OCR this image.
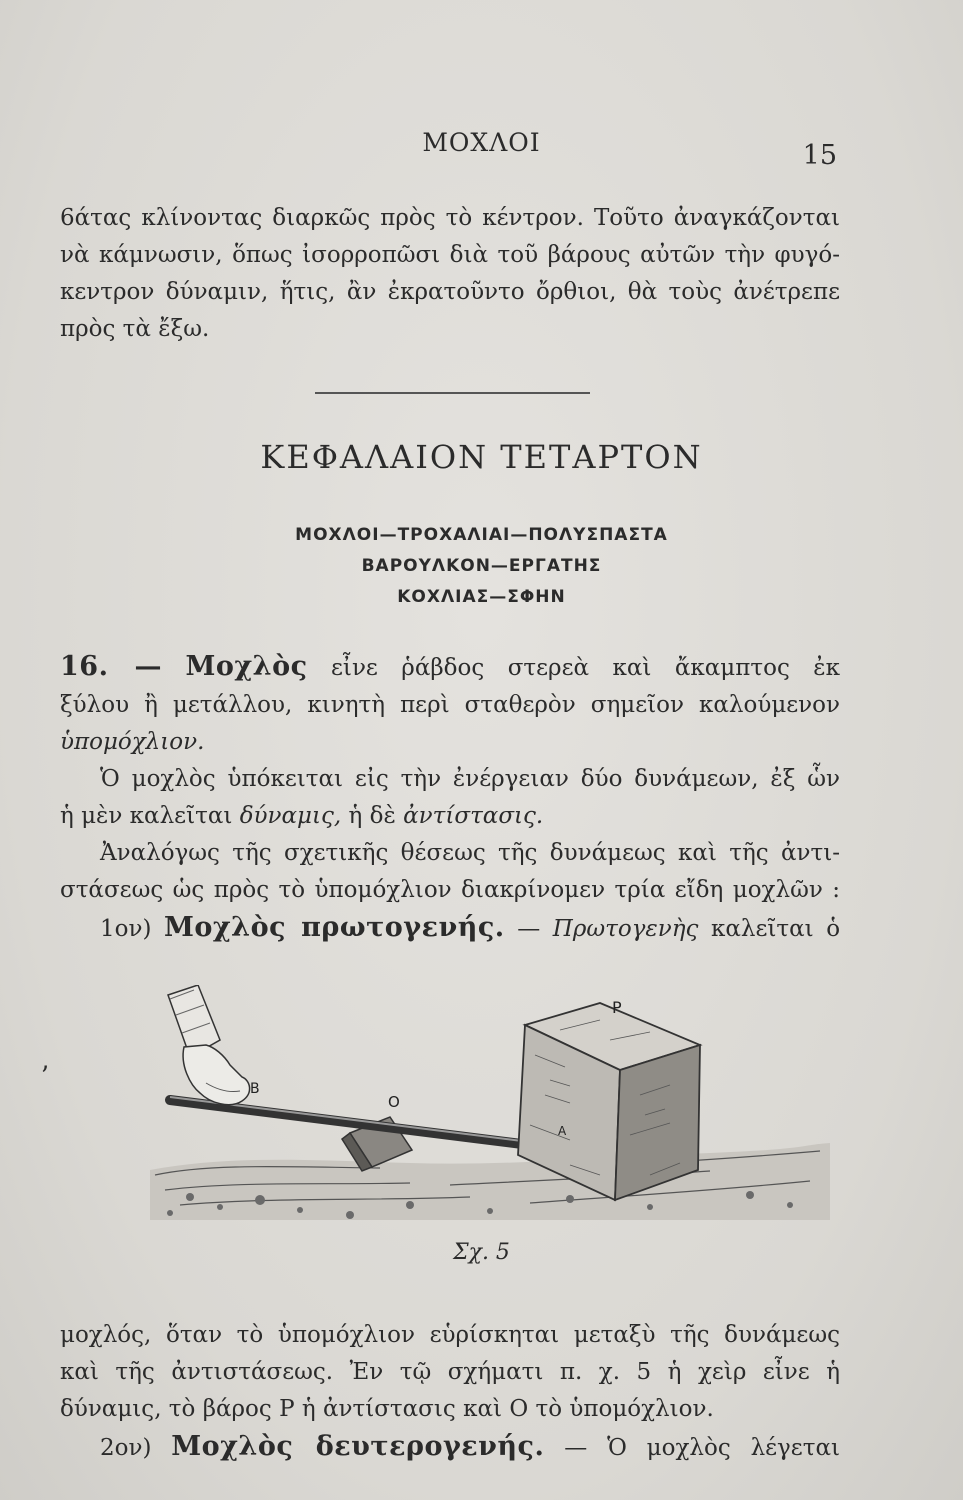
ΜΟΧΛΟΙ	15
6άτας κλίνοντας διαρκῶς πρὸς τὸ κέντρον. Τοῦτο ἀναγκάζονται
νὰ κάμνωσιν, ὅπως ἰσορροπῶσι διὰ τοῦ βάρους αὐτῶν τὴν φυγό-
κεντρον δύναμιν, ἥτις, ἂν ἐκρατοῦντο ὄρθιοι, θὰ τοὺς ἀνέτρεπε
πρὸς τὰ ἔξω.
ΚΕΦΑΛΑΙΟΝ ΤΕΤΑΡΤΟΝ
ΜΟΧΛΟΙ—ΤΡΟΧΑΛΙΑΙ—ΠΟΛΥΣΠΑΣΤΑ
ΒΑΡΟΥΛΚΟΝ—ΕΡΓΑΤΗΣ
ΚΟΧΛΙΑΣ—ΣΦΗΝ
16. — Μοχλὸς εἶνε ῥάβδος στερεὰ καὶ ἄκαμπτος ἐκ
ξύλου ἢ μετάλλου, κινητὴ περὶ σταθερὸν σημεῖον καλούμενον
ὑπομόχλιον.
Ὁ μοχλὸς ὑπόκειται εἰς τὴν ἐνέργειαν δύο δυνάμεων, ἐξ ὧν
ἡ μὲν καλεῖται δύναμις, ἡ δὲ ἀντίστασις.
Ἀναλόγως τῆς σχετικῆς θέσεως τῆς δυνάμεως καὶ τῆς ἀντι-
στάσεως ὡς πρὸς τὸ ὑπομόχλιον διακρίνομεν τρία εἴδη μοχλῶν :
1ον) Μοχλὸς πρωτογενής. — Πρωτογενὴς καλεῖται ὁ
ʼ
P
B
O
A
Σχ. 5
μοχλός, ὅταν τὸ ὑπομόχλιον εὑρίσκηται μεταξὺ τῆς δυνάμεως
καὶ τῆς ἀντιστάσεως. Ἐν τῷ σχήματι π. χ. 5 ἡ χεὶρ εἶνε ἡ
δύναμις, τὸ βάρος P ἡ ἀντίστασις καὶ O τὸ ὑπομόχλιον.
2ον) Μοχλὸς δευτερογενής. — Ὁ μοχλὸς λέγεται
